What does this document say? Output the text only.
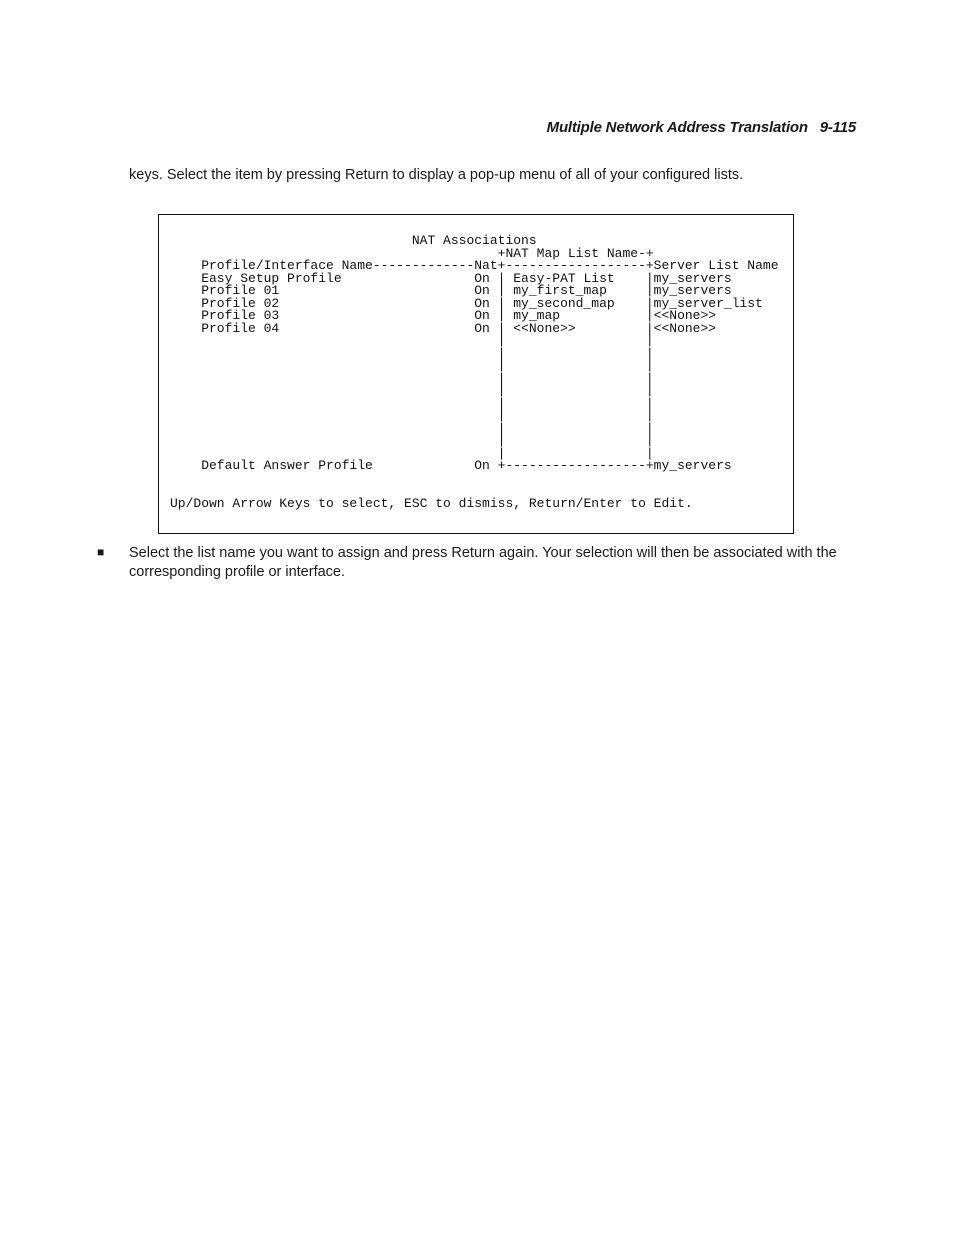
Multiple Network Address Translation   9-115
keys. Select the item by pressing Return to display a pop-up menu of all of your configured lists.
NAT Associations
+NAT Map List Name-+
Profile/Interface Name-------------Nat+------------------+Server List Name
Easy Setup Profile                 On | Easy-PAT List    |my_servers
Profile 01                         On | my_first_map     |my_servers
Profile 02                         On | my_second_map    |my_server_list
Profile 03                         On | my_map           |<<None>>
Profile 04                         On | <<None>>         |<<None>>
|                  |
|                  |
|                  |
|                  |
|                  |
|                  |
|                  |
|                  |
|                  |
|                  |
Default Answer Profile             On +------------------+my_servers
Up/Down Arrow Keys to select, ESC to dismiss, Return/Enter to Edit.
■ Select the list name you want to assign and press Return again. Your selection will then be associated with the corresponding profile or interface.
